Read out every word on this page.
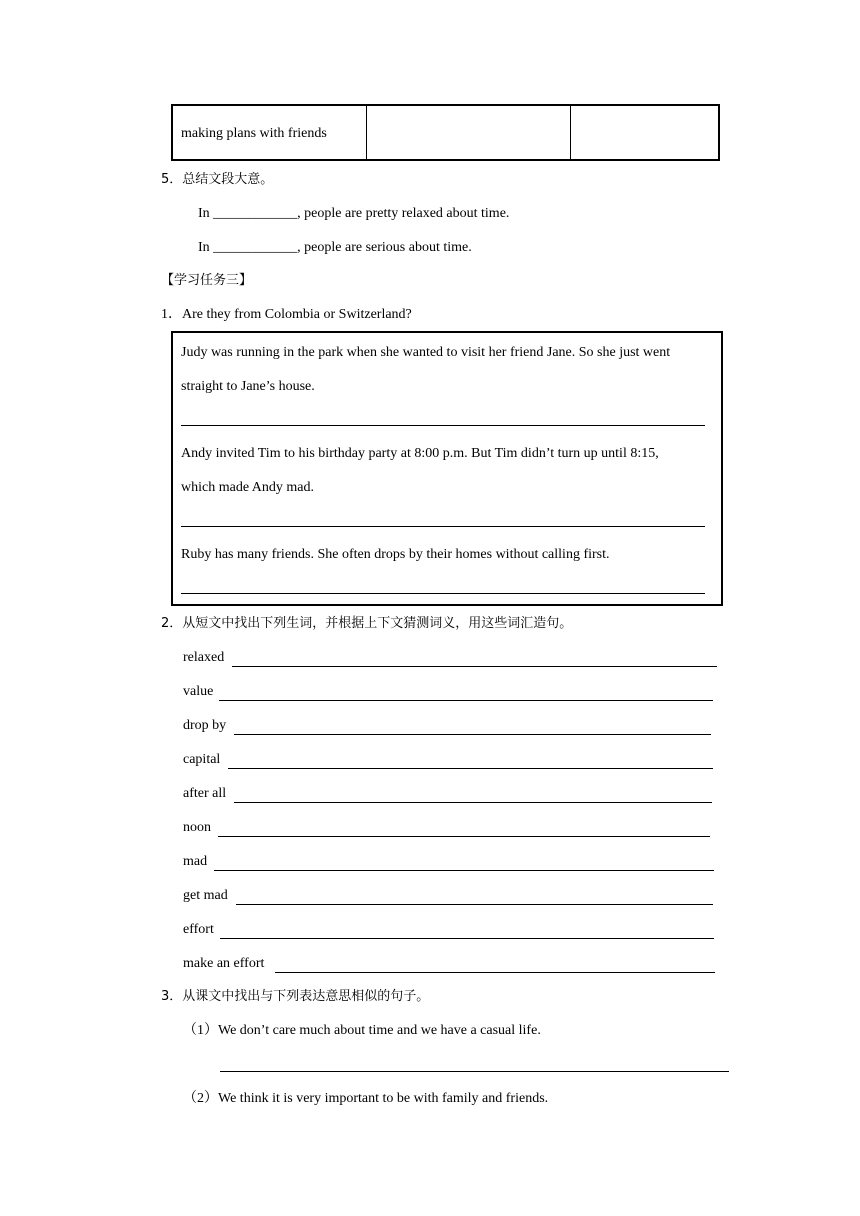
making plans with friends
5．总结文段大意。
In ____________, people are pretty relaxed about time.
In ____________, people are serious about time.
【学习任务三】
1．Are they from Colombia or Switzerland?
Judy was running in the park when she wanted to visit her friend Jane. So she just went
straight to Jane’s house.
Andy invited Tim to his birthday party at 8:00 p.m. But Tim didn’t turn up until 8:15,
which made Andy mad.
Ruby has many friends. She often drops by their homes without calling first.
2．从短文中找出下列生词，并根据上下文猜测词义，用这些词汇造句。
relaxed
value
drop by
capital
after all
noon
mad
get mad
effort
make an effort
3．从课文中找出与下列表达意思相似的句子。
（1）We don’t care much about time and we have a casual life.
（2）We think it is very important to be with family and friends.
